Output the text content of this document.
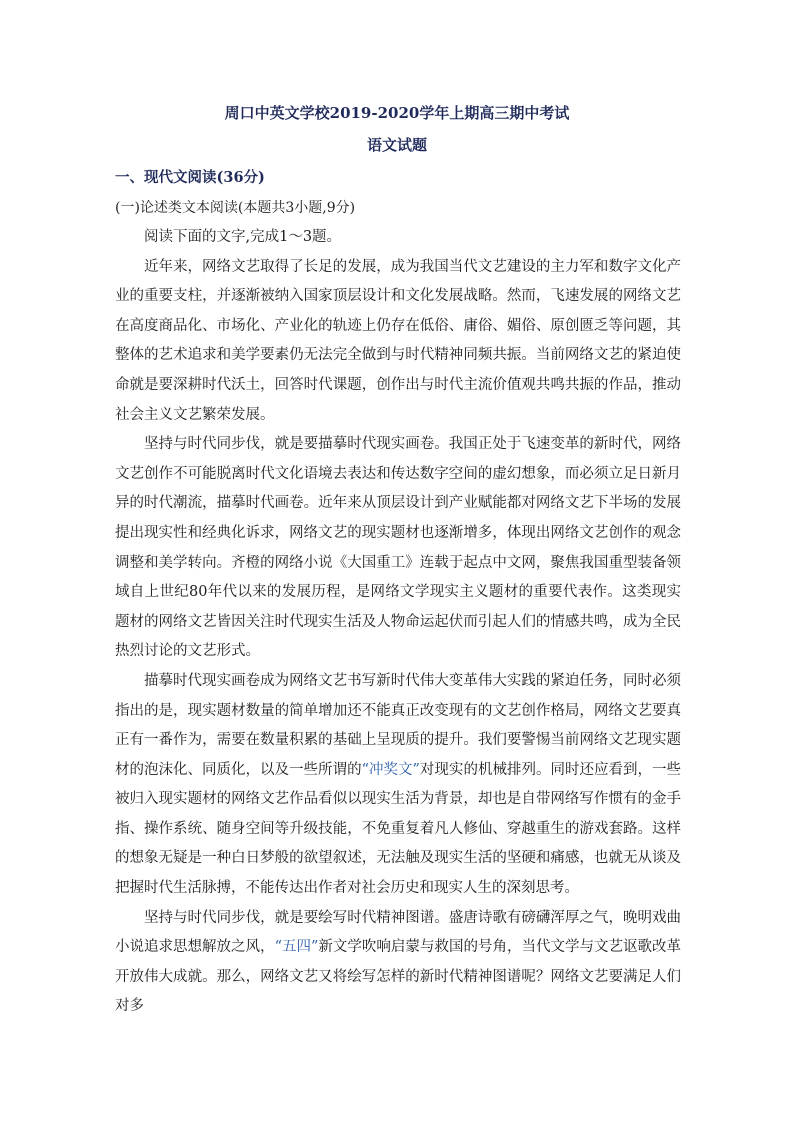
周口中英文学校2019-2020学年上期高三期中考试
语文试题
一、现代文阅读(36分)
(一)论述类文本阅读(本题共3小题,9分)

阅读下面的文字,完成1～3题。

近年来，网络文艺取得了长足的发展，成为我国当代文艺建设的主力军和数字文化产业的重要支柱，并逐渐被纳入国家顶层设计和文化发展战略。然而，飞速发展的网络文艺在高度商品化、市场化、产业化的轨迹上仍存在低俗、庸俗、媚俗、原创匮乏等问题，其整体的艺术追求和美学要素仍无法完全做到与时代精神同频共振。当前网络文艺的紧迫使命就是要深耕时代沃土，回答时代课题，创作出与时代主流价值观共鸣共振的作品，推动社会主义文艺繁荣发展。

坚持与时代同步伐，就是要描摹时代现实画卷。我国正处于飞速变革的新时代，网络文艺创作不可能脱离时代文化语境去表达和传达数字空间的虚幻想象，而必须立足日新月异的时代潮流，描摹时代画卷。近年来从顶层设计到产业赋能都对网络文艺下半场的发展提出现实性和经典化诉求，网络文艺的现实题材也逐渐增多，体现出网络文艺创作的观念调整和美学转向。齐橙的网络小说《大国重工》连载于起点中文网，聚焦我国重型装备领域自上世纪80年代以来的发展历程，是网络文学现实主义题材的重要代表作。这类现实题材的网络文艺皆因关注时代现实生活及人物命运起伏而引起人们的情感共鸣，成为全民热烈讨论的文艺形式。

描摹时代现实画卷成为网络文艺书写新时代伟大变革伟大实践的紧迫任务，同时必须指出的是，现实题材数量的简单增加还不能真正改变现有的文艺创作格局，网络文艺要真正有一番作为，需要在数量积累的基础上呈现质的提升。我们要警惕当前网络文艺现实题材的泡沫化、同质化，以及一些所谓的“冲奖文”对现实的机械排列。同时还应看到，一些被归入现实题材的网络文艺作品看似以现实生活为背景，却也是自带网络写作惯有的金手指、操作系统、随身空间等升级技能，不免重复着凡人修仙、穿越重生的游戏套路。这样的想象无疑是一种白日梦般的欲望叙述，无法触及现实生活的坚硬和痛感，也就无从谈及把握时代生活脉搏，不能传达出作者对社会历史和现实人生的深刻思考。

坚持与时代同步伐，就是要绘写时代精神图谱。盛唐诗歌有磅礴浑厚之气，晚明戏曲小说追求思想解放之风，“五四”新文学吹响启蒙与救国的号角，当代文学与文艺讴歌改革开放伟大成就。那么，网络文艺又将绘写怎样的新时代精神图谱呢？网络文艺要满足人们对多
